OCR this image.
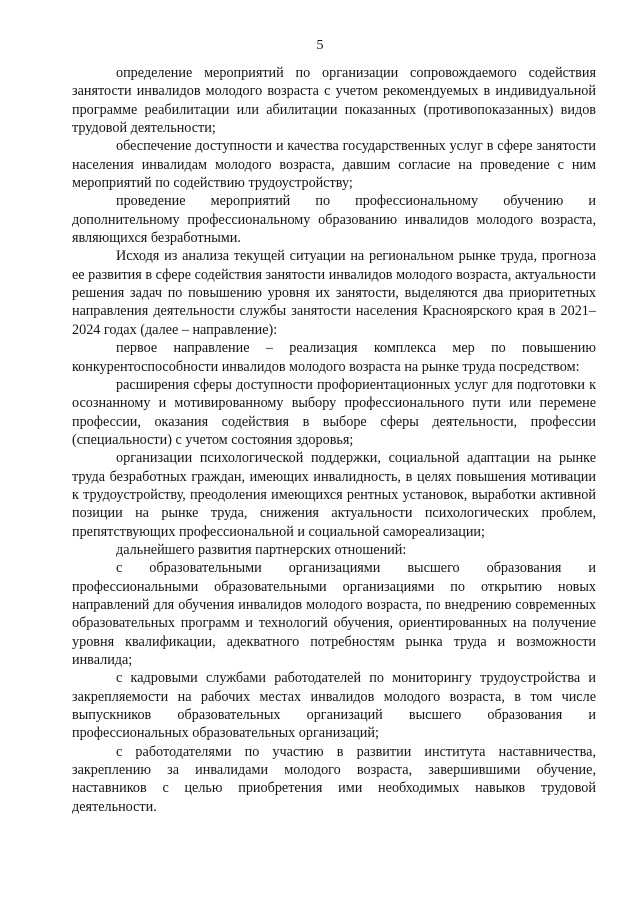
5

определение мероприятий по организации сопровождаемого содействия занятости инвалидов молодого возраста с учетом рекомендуемых в индивидуальной программе реабилитации или абилитации показанных (противопоказанных) видов трудовой деятельности;

обеспечение доступности и качества государственных услуг в сфере занятости населения инвалидам молодого возраста, давшим согласие на проведение с ним мероприятий по содействию трудоустройству;

проведение мероприятий по профессиональному обучению и дополнительному профессиональному образованию инвалидов молодого возраста, являющихся безработными.

Исходя из анализа текущей ситуации на региональном рынке труда, прогноза ее развития в сфере содействия занятости инвалидов молодого возраста, актуальности решения задач по повышению уровня их занятости, выделяются два приоритетных направления деятельности службы занятости населения Красноярского края в 2021–2024 годах (далее – направление):

первое направление – реализация комплекса мер по повышению конкурентоспособности инвалидов молодого возраста на рынке труда посредством:

расширения сферы доступности профориентационных услуг для подготовки к осознанному и мотивированному выбору профессионального пути или перемене профессии, оказания содействия в выборе сферы деятельности, профессии (специальности) с учетом состояния здоровья;

организации психологической поддержки, социальной адаптации на рынке труда безработных граждан, имеющих инвалидность, в целях повышения мотивации к трудоустройству, преодоления имеющихся рентных установок, выработки активной позиции на рынке труда, снижения актуальности психологических проблем, препятствующих профессиональной и социальной самореализации;

дальнейшего развития партнерских отношений:

с образовательными организациями высшего образования и профессиональными образовательными организациями по открытию новых направлений для обучения инвалидов молодого возраста, по внедрению современных образовательных программ и технологий обучения, ориентированных на получение уровня квалификации, адекватного потребностям рынка труда и возможности инвалида;

с кадровыми службами работодателей по мониторингу трудоустройства и закрепляемости на рабочих местах инвалидов молодого возраста, в том числе выпускников образовательных организаций высшего образования и профессиональных образовательных организаций;

с работодателями по участию в развитии института наставничества, закреплению за инвалидами молодого возраста, завершившими обучение, наставников с целью приобретения ими необходимых навыков трудовой деятельности.
